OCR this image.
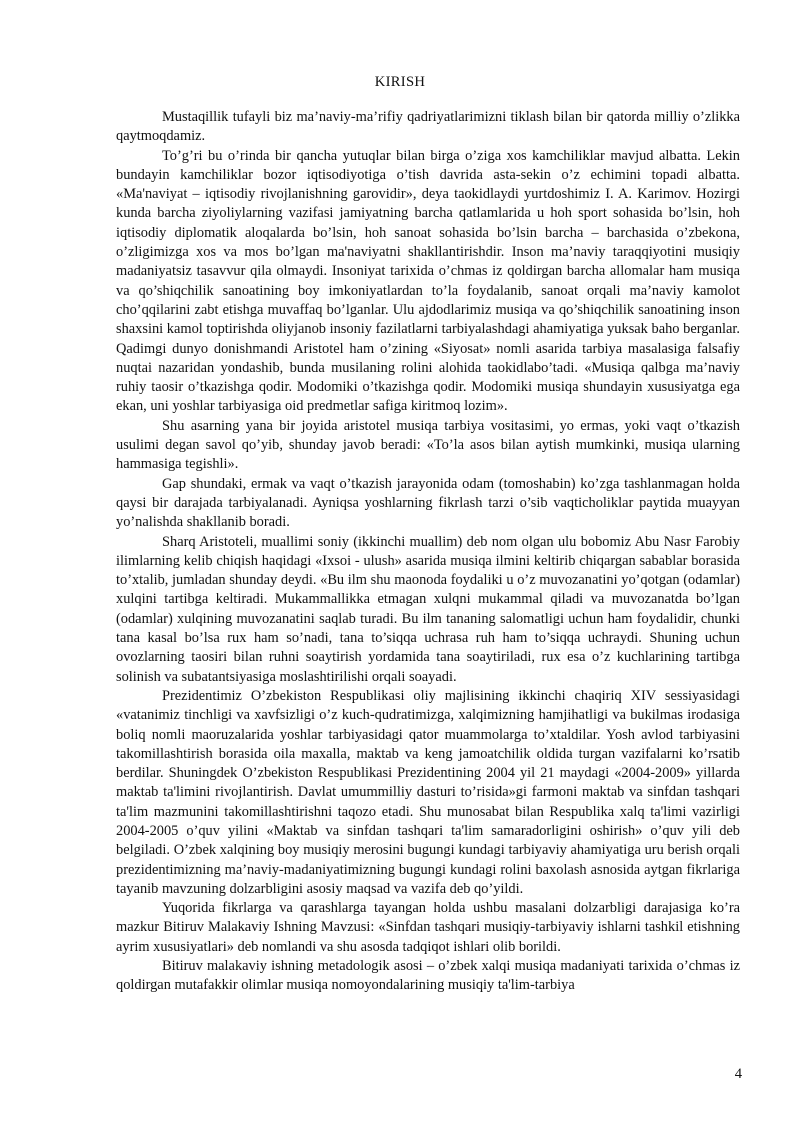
KIRISH

Mustaqillik tufayli biz ma’naviy-ma’rifiy qadriyatlarimizni tiklash bilan bir qatorda milliy o’zlikka qaytmoqdamiz.

To’g’ri bu o’rinda bir qancha yutuqlar bilan birga o’ziga xos kamchiliklar mavjud albatta. Lekin bundayin kamchiliklar bozor iqtisodiyotiga o’tish davrida asta-sekin o’z echimini topadi albatta. «Ma'naviyat – iqtisodiy rivojlanishning garovidir», deya taokidlaydi yurtdoshimiz I. A. Karimov. Hozirgi kunda barcha ziyoliylarning vazifasi jamiyatning barcha qatlamlarida u hoh sport sohasida bo’lsin, hoh iqtisodiy diplomatik aloqalarda bo’lsin, hoh sanoat sohasida bo’lsin barcha – barchasida o’zbekona, o’zligimizga xos va mos bo’lgan ma'naviyatni shakllantirishdir. Inson ma’naviy taraqqiyotini musiqiy madaniyatsiz tasavvur qila olmaydi. Insoniyat tarixida o’chmas iz qoldirgan barcha allomalar ham musiqa va qo’shiqchilik sanoatining boy imkoniyatlardan to’la foydalanib, sanoat orqali ma’naviy kamolot cho’qqilarini zabt etishga muvaffaq bo’lganlar. Ulu ajdodlarimiz musiqa va qo’shiqchilik sanoatining inson shaxsini kamol toptirishda oliyjanob insoniy fazilatlarni tarbiyalashdagi ahamiyatiga yuksak baho berganlar. Qadimgi dunyo donishmandi Aristotel ham o’zining «Siyosat» nomli asarida tarbiya masalasiga falsafiy nuqtai nazaridan yondashib, bunda musilaning rolini alohida taokidlabo’tadi. «Musiqa qalbga ma’naviy ruhiy taosir o’tkazishga qodir. Modomiki o’tkazishga qodir. Modomiki musiqa shundayin xususiyatga ega ekan, uni yoshlar tarbiyasiga oid predmetlar safiga kiritmoq lozim».

Shu asarning yana bir joyida aristotel musiqa tarbiya vositasimi, yo ermas, yoki vaqt o’tkazish usulimi degan savol qo’yib, shunday javob beradi: «To’la asos bilan aytish mumkinki, musiqa ularning hammasiga tegishli».

Gap shundaki, ermak va vaqt o’tkazish jarayonida odam (tomoshabin) ko’zga tashlanmagan holda qaysi bir darajada tarbiyalanadi. Ayniqsa yoshlarning fikrlash tarzi o’sib vaqticholiklar paytida muayyan yo’nalishda shakllanib boradi.

Sharq Aristoteli, muallimi soniy (ikkinchi muallim) deb nom olgan ulu bobomiz Abu Nasr Farobiy ilimlarning kelib chiqish haqidagi «Ixsoi - ulush» asarida musiqa ilmini keltirib chiqargan sabablar borasida to’xtalib, jumladan shunday deydi. «Bu ilm shu maonoda foydaliki u o’z muvozanatini yo’qotgan (odamlar) xulqini tartibga keltiradi. Mukammallikka etmagan xulqni mukammal qiladi va muvozanatda bo’lgan (odamlar) xulqining muvozanatini saqlab turadi. Bu ilm tananing salomatligi uchun ham foydalidir, chunki tana kasal bo’lsa rux ham so’nadi, tana to’siqqa uchrasa ruh ham to’siqqa uchraydi. Shuning uchun ovozlarning taosiri bilan ruhni soaytirish yordamida tana soaytiriladi, rux esa o’z kuchlarining tartibga solinish va subatantsiyasiga moslashtirilishi orqali soayadi.

Prezidentimiz O’zbekiston Respublikasi oliy majlisining ikkinchi chaqiriq XIV sessiyasidagi «vatanimiz tinchligi va xavfsizligi o’z kuch-qudratimizga, xalqimizning hamjihatligi va bukilmas irodasiga boliq nomli maoruzalarida yoshlar tarbiyasidagi qator muammolarga to’xtaldilar. Yosh avlod tarbiyasini takomillashtirish borasida oila maxalla, maktab va keng jamoatchilik oldida turgan vazifalarni ko’rsatib berdilar. Shuningdek O’zbekiston Respublikasi Prezidentining 2004 yil 21 maydagi «2004-2009» yillarda maktab ta'limini rivojlantirish. Davlat umummilliy dasturi to’risida»gi farmoni maktab va sinfdan tashqari ta'lim mazmunini takomillashtirishni taqozo etadi. Shu munosabat bilan Respublika xalq ta'limi vazirligi 2004-2005 o’quv yilini «Maktab va sinfdan tashqari ta'lim samaradorligini oshirish» o’quv yili deb belgiladi. O’zbek xalqining boy musiqiy merosini bugungi kundagi tarbiyaviy ahamiyatiga uru berish orqali prezidentimizning ma’naviy-madaniyatimizning bugungi kundagi rolini baxolash asnosida aytgan fikrlariga tayanib mavzuning dolzarbligini asosiy maqsad va vazifa deb qo’yildi.

Yuqorida fikrlarga va qarashlarga tayangan holda ushbu masalani dolzarbligi darajasiga ko’ra mazkur Bitiruv Malakaviy Ishning Mavzusi: «Sinfdan tashqari musiqiy-tarbiyaviy ishlarni tashkil etishning ayrim xususiyatlari» deb nomlandi va shu asosda tadqiqot ishlari olib borildi.

Bitiruv malakaviy ishning metadologik asosi – o’zbek xalqi musiqa madaniyati tarixida o’chmas iz qoldirgan mutafakkir olimlar musiqa nomoyondalarining musiqiy ta'lim-tarbiya

4
